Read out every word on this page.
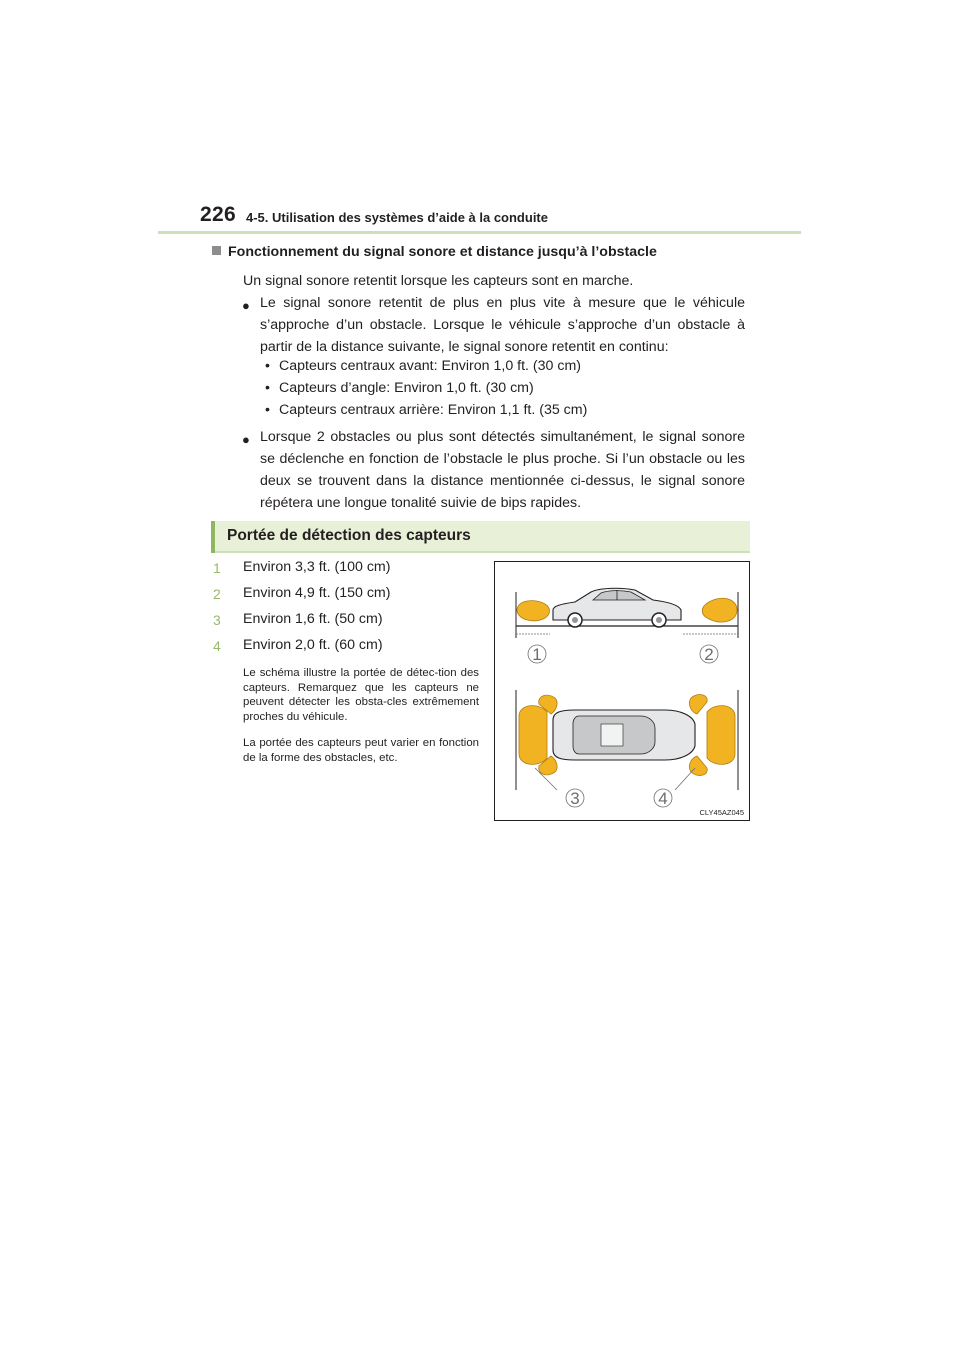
226 4-5. Utilisation des systèmes d’aide à la conduite
Fonctionnement du signal sonore et distance jusqu’à l’obstacle
Un signal sonore retentit lorsque les capteurs sont en marche.
● Le signal sonore retentit de plus en plus vite à mesure que le véhicule
s’approche d’un obstacle. Lorsque le véhicule s’approche d’un obstacle à
partir de la distance suivante, le signal sonore retentit en continu:
• Capteurs centraux avant: Environ 1,0 ft. (30 cm)
• Capteurs d’angle: Environ 1,0 ft. (30 cm)
• Capteurs centraux arrière: Environ 1,1 ft. (35 cm)
● Lorsque 2 obstacles ou plus sont détectés simultanément, le signal sonore
se déclenche en fonction de l’obstacle le plus proche. Si l’un obstacle ou les
deux se trouvent dans la distance mentionnée ci-dessus, le signal sonore
répétera une longue tonalité suivie de bips rapides.
Portée de détection des capteurs
1 Environ 3,3 ft. (100 cm)
2 Environ 4,9 ft. (150 cm)
3 Environ 1,6 ft. (50 cm)
4 Environ 2,0 ft. (60 cm)
Le schéma illustre la portée de détec-tion des capteurs. Remarquez que les capteurs ne peuvent détecter les obsta-cles extrêmement proches du véhicule.
La portée des capteurs peut varier en fonction de la forme des obstacles, etc.
1	2
3	4
CLY45AZ045
